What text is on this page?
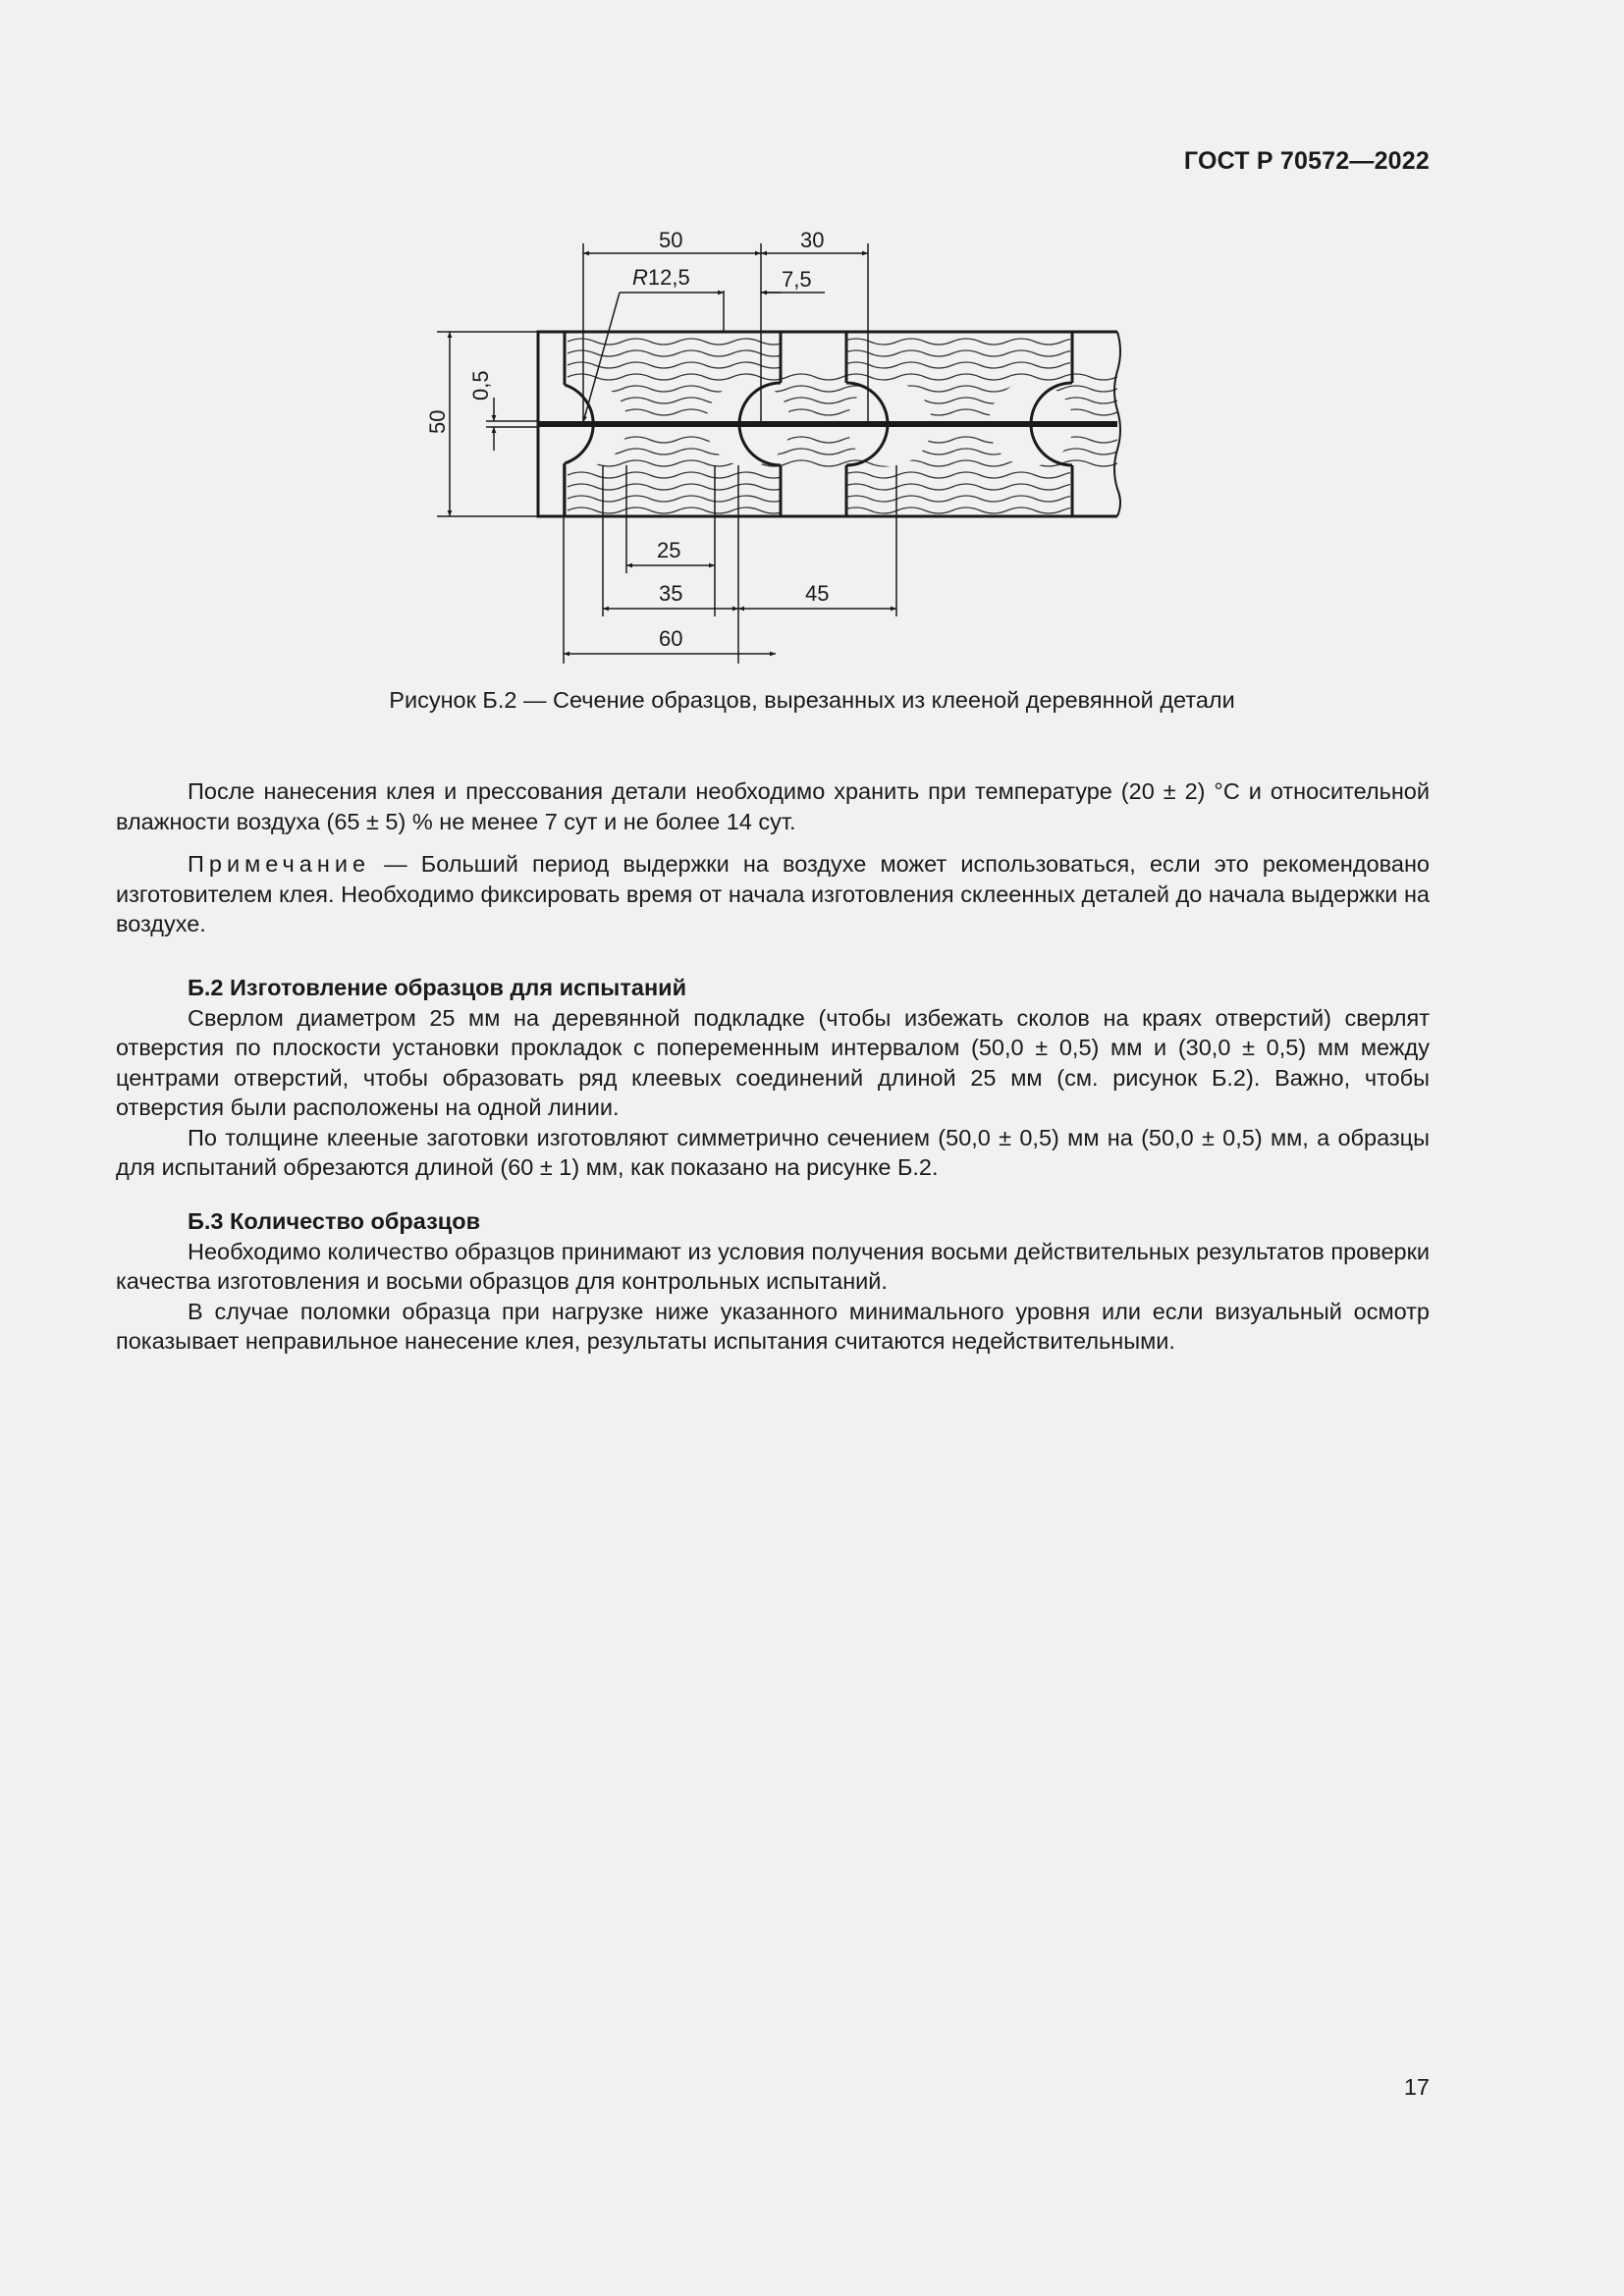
ГОСТ Р 70572—2022
50	30
R12,5	7,5
50
0,5
25
35	45
60
Рисунок Б.2 — Сечение образцов, вырезанных из клееной деревянной детали

После нанесения клея и прессования детали необходимо хранить при температуре (20 ± 2) °С и относительной влажности воздуха (65 ± 5) % не менее 7 сут и не более 14 сут.

Примечание — Больший период выдержки на воздухе может использоваться, если это рекомендовано изготовителем клея. Необходимо фиксировать время от начала изготовления склеенных деталей до начала выдержки на воздухе.

Б.2 Изготовление образцов для испытаний

Сверлом диаметром 25 мм на деревянной подкладке (чтобы избежать сколов на краях отверстий) сверлят отверстия по плоскости установки прокладок с попеременным интервалом (50,0 ± 0,5) мм и (30,0 ± 0,5) мм между центрами отверстий, чтобы образовать ряд клеевых соединений длиной 25 мм (см. рисунок Б.2). Важно, чтобы отверстия были расположены на одной линии.

По толщине клееные заготовки изготовляют симметрично сечением (50,0 ± 0,5) мм на (50,0 ± 0,5) мм, а образцы для испытаний обрезаются длиной (60 ± 1) мм, как показано на рисунке Б.2.

Б.3 Количество образцов

Необходимо количество образцов принимают из условия получения восьми действительных результатов проверки качества изготовления и восьми образцов для контрольных испытаний.

В случае поломки образца при нагрузке ниже указанного минимального уровня или если визуальный осмотр показывает неправильное нанесение клея, результаты испытания считаются недействительными.

17
